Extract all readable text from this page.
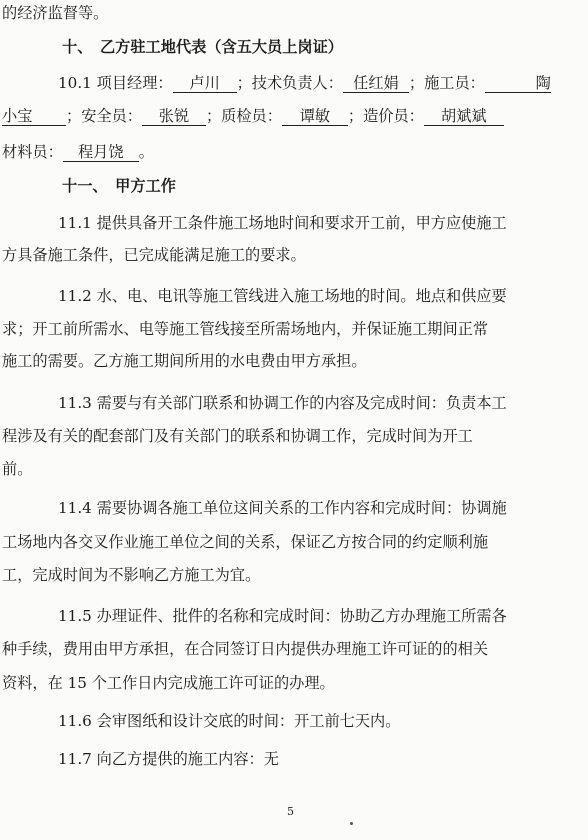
的经济监督等。
十、　乙方驻工地代表（含五大员上岗证）
10.1 项目经理： 卢川 ；技术负责人： 任红娟 ；施工员：	陶
小宝 ；安全员： 张锐 ；质检员： 谭敏 ；造价员： 胡斌斌
材料员： 程月饶 。
十一、　甲方工作
11.1 提供具备开工条件施工场地时间和要求开工前，甲方应使施工
方具备施工条件，已完成能满足施工的要求。
11.2 水、电、电讯等施工管线进入施工场地的时间。地点和供应要
求；开工前所需水、电等施工管线接至所需场地内，并保证施工期间正常
施工的需要。乙方施工期间所用的水电费由甲方承担。
11.3 需要与有关部门联系和协调工作的内容及完成时间：负责本工
程涉及有关的配套部门及有关部门的联系和协调工作，完成时间为开工
前。
11.4 需要协调各施工单位这间关系的工作内容和完成时间：协调施
工场地内各交叉作业施工单位之间的关系，保证乙方按合同的约定顺利施
工，完成时间为不影响乙方施工为宜。
11.5 办理证件、批件的名称和完成时间：协助乙方办理施工所需各
种手续，费用由甲方承担，在合同签订日内提供办理施工许可证的的相关
资料，在 15 个工作日内完成施工许可证的办理。
11.6 会审图纸和设计交底的时间：开工前七天内。
11.7 向乙方提供的施工内容：无
5
